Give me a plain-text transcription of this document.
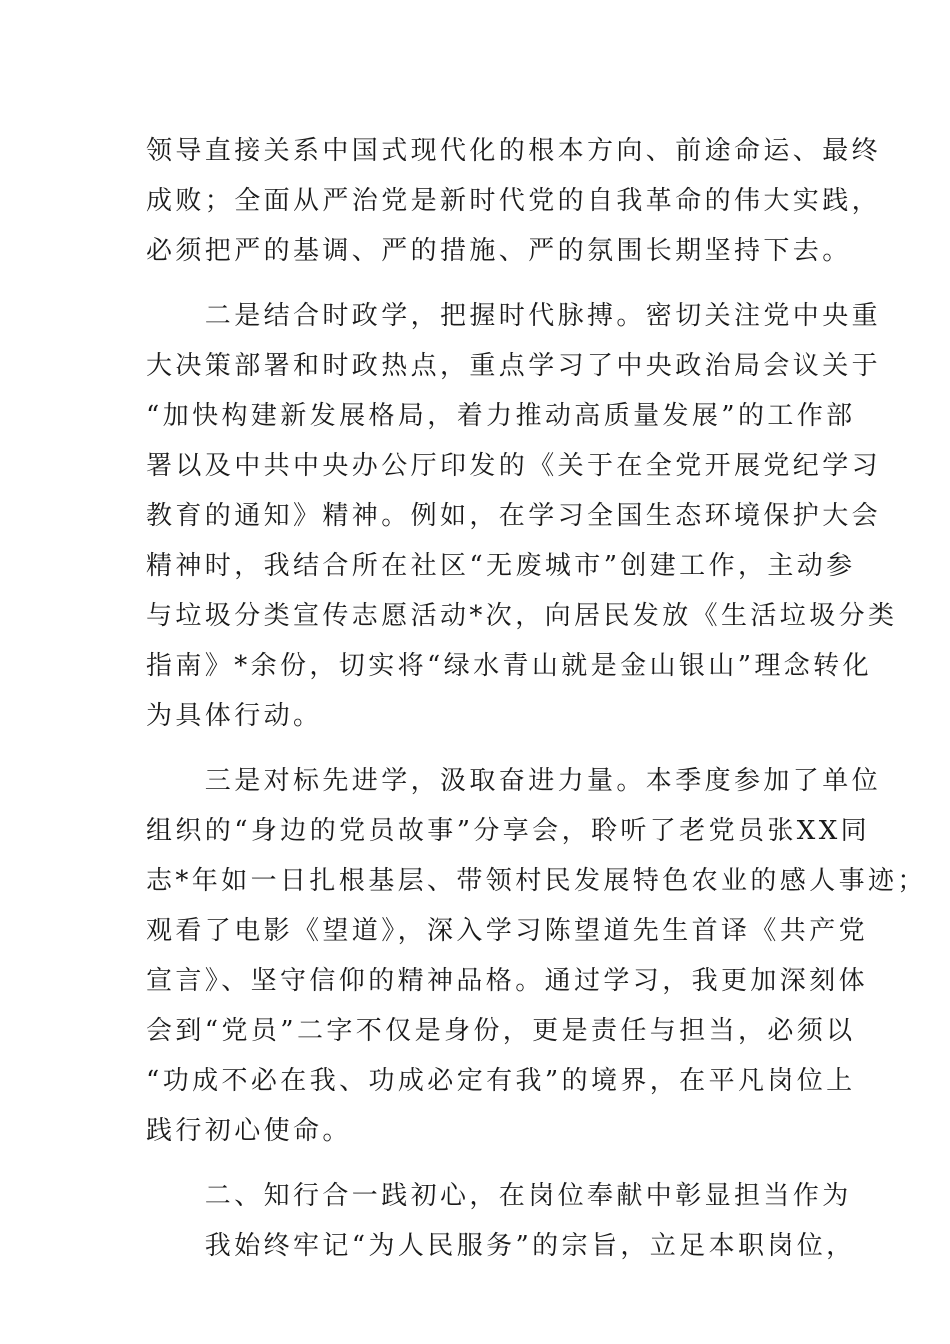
领导直接关系中国式现代化的根本方向、前途命运、最终
成败；全面从严治党是新时代党的自我革命的伟大实践，
必须把严的基调、严的措施、严的氛围长期坚持下去。
　　二是结合时政学，把握时代脉搏。密切关注党中央重
大决策部署和时政热点，重点学习了中央政治局会议关于
“加快构建新发展格局，着力推动高质量发展”的工作部
署以及中共中央办公厅印发的《关于在全党开展党纪学习
教育的通知》精神。例如，在学习全国生态环境保护大会
精神时，我结合所在社区“无废城市”创建工作，主动参
与垃圾分类宣传志愿活动*次，向居民发放《生活垃圾分类
指南》*余份，切实将“绿水青山就是金山银山”理念转化
为具体行动。
　　三是对标先进学，汲取奋进力量。本季度参加了单位
组织的“身边的党员故事”分享会，聆听了老党员张XX同
志*年如一日扎根基层、带领村民发展特色农业的感人事迹；
观看了电影《望道》，深入学习陈望道先生首译《共产党
宣言》、坚守信仰的精神品格。通过学习，我更加深刻体
会到“党员”二字不仅是身份，更是责任与担当，必须以
“功成不必在我、功成必定有我”的境界，在平凡岗位上
践行初心使命。
　　二、知行合一践初心，在岗位奉献中彰显担当作为
　　我始终牢记“为人民服务”的宗旨，立足本职岗位，
